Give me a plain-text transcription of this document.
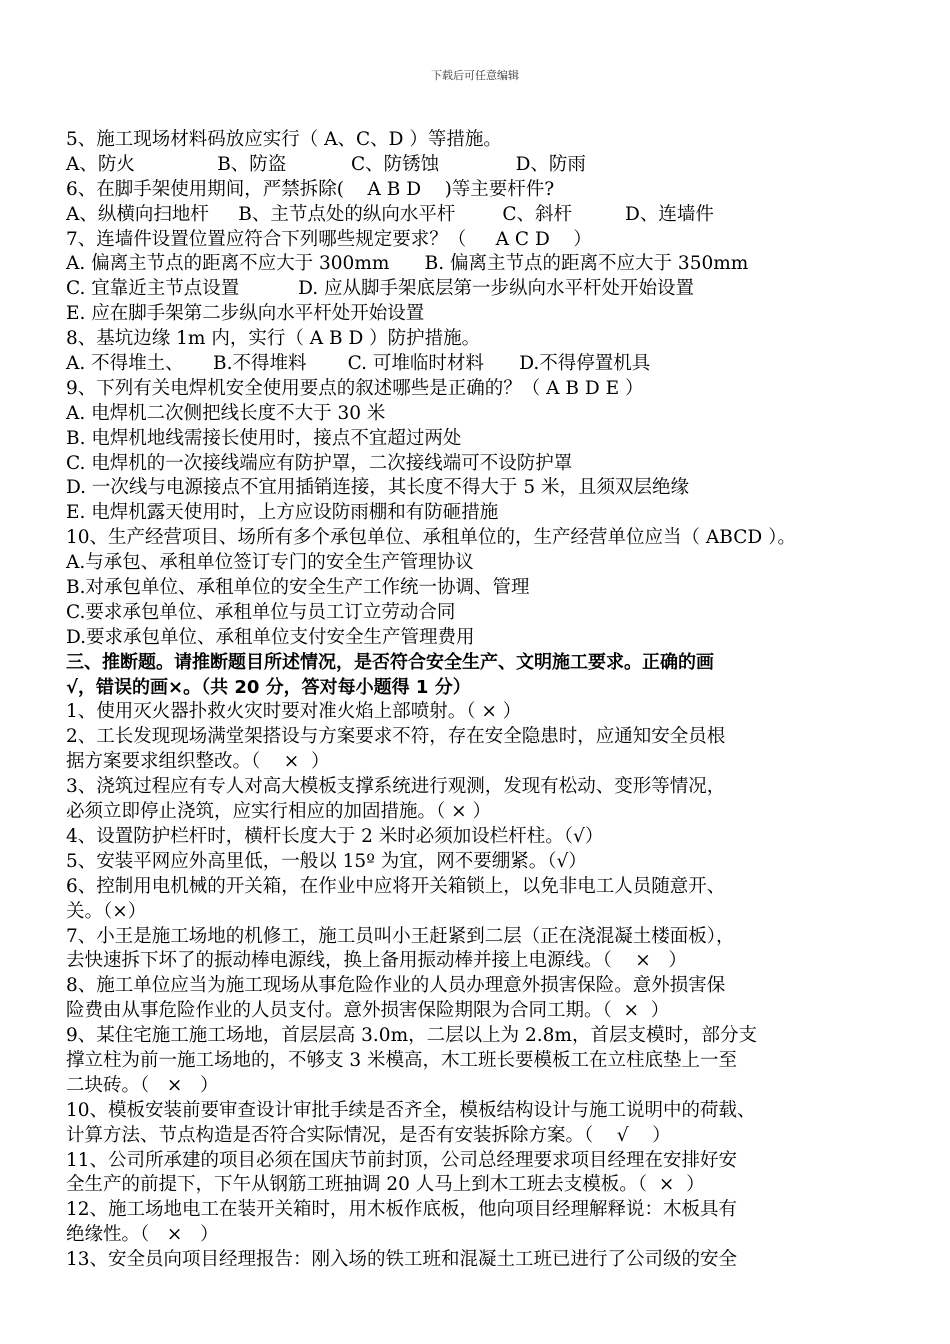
下载后可任意编辑
5、施工现场材料码放应实行（ A、C、D ）等措施。
A、防火              B、防盗           C、防锈蚀             D、防雨
6、在脚手架使用期间，严禁拆除(    A B D    )等主要杆件?
A、纵横向扫地杆     B、主节点处的纵向水平杆        C、斜杆         D、连墙件
7、连墙件设置位置应符合下列哪些规定要求？（     A C D    ）
A. 偏离主节点的距离不应大于 300mm      B. 偏离主节点的距离不应大于 350mm
C. 宜靠近主节点设置          D. 应从脚手架底层第一步纵向水平杆处开始设置
E. 应在脚手架第二步纵向水平杆处开始设置
8、基坑边缘 1m 内，实行（ A B D ）防护措施。
A. 不得堆土、     B.不得堆料       C. 可堆临时材料      D.不得停置机具
9、下列有关电焊机安全使用要点的叙述哪些是正确的？（ A B D E ）
A. 电焊机二次侧把线长度不大于 30 米
B. 电焊机地线需接长使用时，接点不宜超过两处
C. 电焊机的一次接线端应有防护罩，二次接线端可不设防护罩
D. 一次线与电源接点不宜用插销连接，其长度不得大于 5 米，且须双层绝缘
E. 电焊机露天使用时，上方应设防雨棚和有防砸措施
10、生产经营项目、场所有多个承包单位、承租单位的，生产经营单位应当（ ABCD ）。
A.与承包、承租单位签订专门的安全生产管理协议
B.对承包单位、承租单位的安全生产工作统一协调、管理
C.要求承包单位、承租单位与员工订立劳动合同
D.要求承包单位、承租单位支付安全生产管理费用
三、推断题。请推断题目所述情况，是否符合安全生产、文明施工要求。正确的画
√，错误的画×。（共 20 分，答对每小题得 1 分）
1、使用灭火器扑救火灾时要对准火焰上部喷射。（ × ）
2、工长发现现场满堂架搭设与方案要求不符，存在安全隐患时，应通知安全员根
据方案要求组织整改。（    ×  ）
3、浇筑过程应有专人对高大模板支撑系统进行观测，发现有松动、变形等情况，
必须立即停止浇筑，应实行相应的加固措施。（ × ）
4、设置防护栏杆时，横杆长度大于 2 米时必须加设栏杆柱。（√）
5、安装平网应外高里低，一般以 15º 为宜，网不要绷紧。（√）
6、控制用电机械的开关箱，在作业中应将开关箱锁上，以免非电工人员随意开、
关。（×）
7、小王是施工场地的机修工，施工员叫小王赶紧到二层（正在浇混凝土楼面板），
去快速拆下坏了的振动棒电源线，换上备用振动棒并接上电源线。（    ×   ）
8、施工单位应当为施工现场从事危险作业的人员办理意外损害保险。意外损害保
险费由从事危险作业的人员支付。意外损害保险期限为合同工期。（  ×  ）
9、某住宅施工施工场地，首层层高 3.0m，二层以上为 2.8m，首层支模时，部分支
撑立柱为前一施工场地的，不够支 3 米模高，木工班长要模板工在立柱底垫上一至
二块砖。（   ×   ）
10、模板安装前要审查设计审批手续是否齐全，模板结构设计与施工说明中的荷载、
计算方法、节点构造是否符合实际情况，是否有安装拆除方案。（    √    ）
11、公司所承建的项目必须在国庆节前封顶，公司总经理要求项目经理在安排好安
全生产的前提下，下午从钢筋工班抽调 20 人马上到木工班去支模板。（  ×  ）
12、施工场地电工在装开关箱时，用木板作底板，他向项目经理解释说：木板具有
绝缘性。（   ×   ）
13、安全员向项目经理报告：刚入场的铁工班和混凝土工班已进行了公司级的安全
